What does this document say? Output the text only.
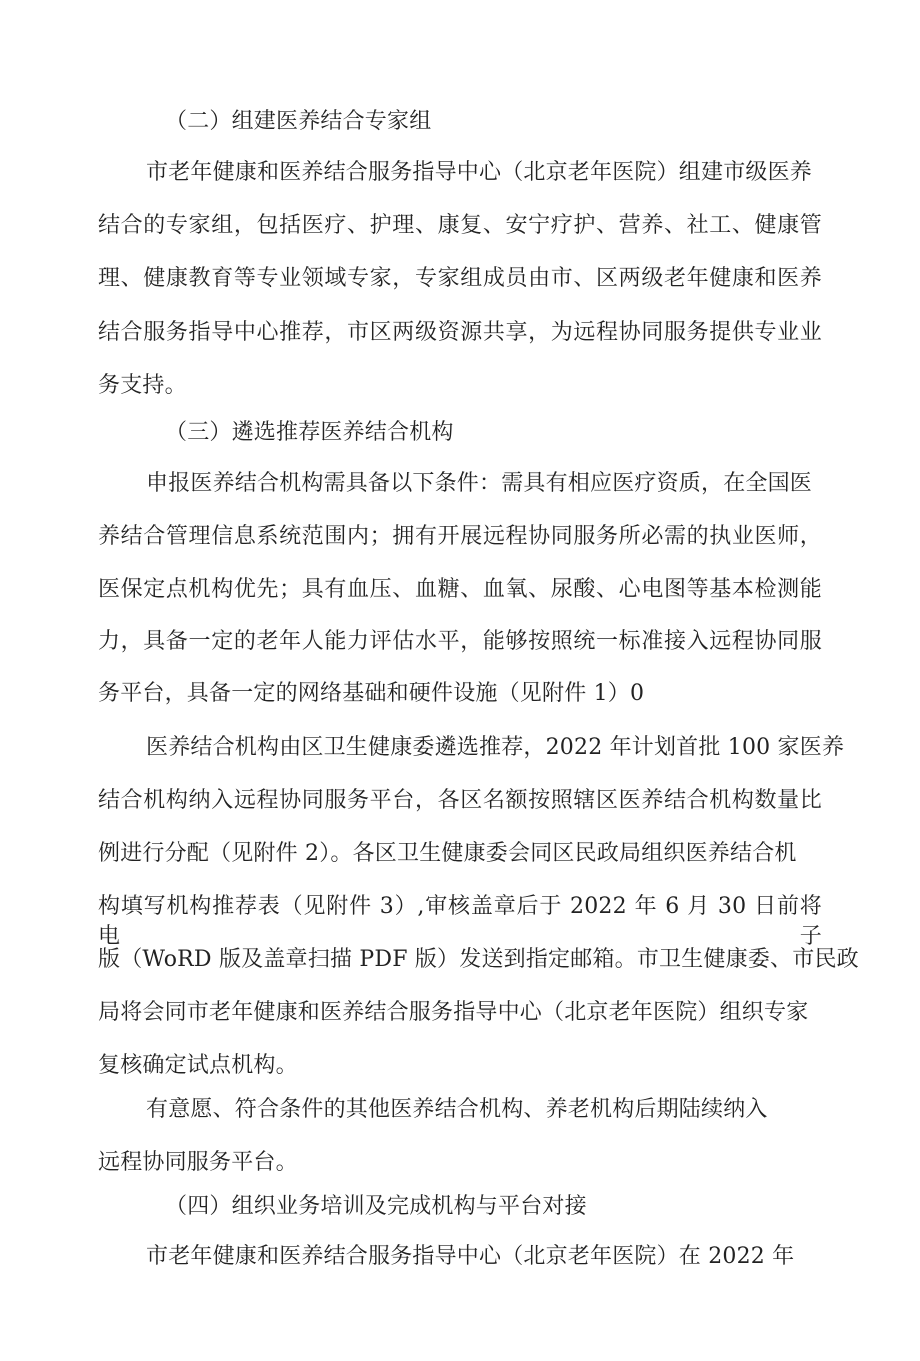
（二）组建医养结合专家组
市老年健康和医养结合服务指导中心（北京老年医院）组建市级医养
结合的专家组，包括医疗、护理、康复、安宁疗护、营养、社工、健康管
理、健康教育等专业领域专家，专家组成员由市、区两级老年健康和医养
结合服务指导中心推荐，市区两级资源共享，为远程协同服务提供专业业
务支持。
（三）遴选推荐医养结合机构
申报医养结合机构需具备以下条件：需具有相应医疗资质，在全国医
养结合管理信息系统范围内；拥有开展远程协同服务所必需的执业医师，
医保定点机构优先；具有血压、血糖、血氧、尿酸、心电图等基本检测能
力，具备一定的老年人能力评估水平，能够按照统一标准接入远程协同服
务平台，具备一定的网络基础和硬件设施（见附件 1）0
医养结合机构由区卫生健康委遴选推荐，2022 年计划首批 100 家医养
结合机构纳入远程协同服务平台，各区名额按照辖区医养结合机构数量比
例进行分配（见附件 2）。各区卫生健康委会同区民政局组织医养结合机
构填写机构推荐表（见附件 3）,审核盖章后于 2022 年 6 月 30 日前将电子
版（WoRD 版及盖章扫描 PDF 版）发送到指定邮箱。市卫生健康委、市民政
局将会同市老年健康和医养结合服务指导中心（北京老年医院）组织专家
复核确定试点机构。
有意愿、符合条件的其他医养结合机构、养老机构后期陆续纳入
远程协同服务平台。
（四）组织业务培训及完成机构与平台对接
市老年健康和医养结合服务指导中心（北京老年医院）在 2022 年
